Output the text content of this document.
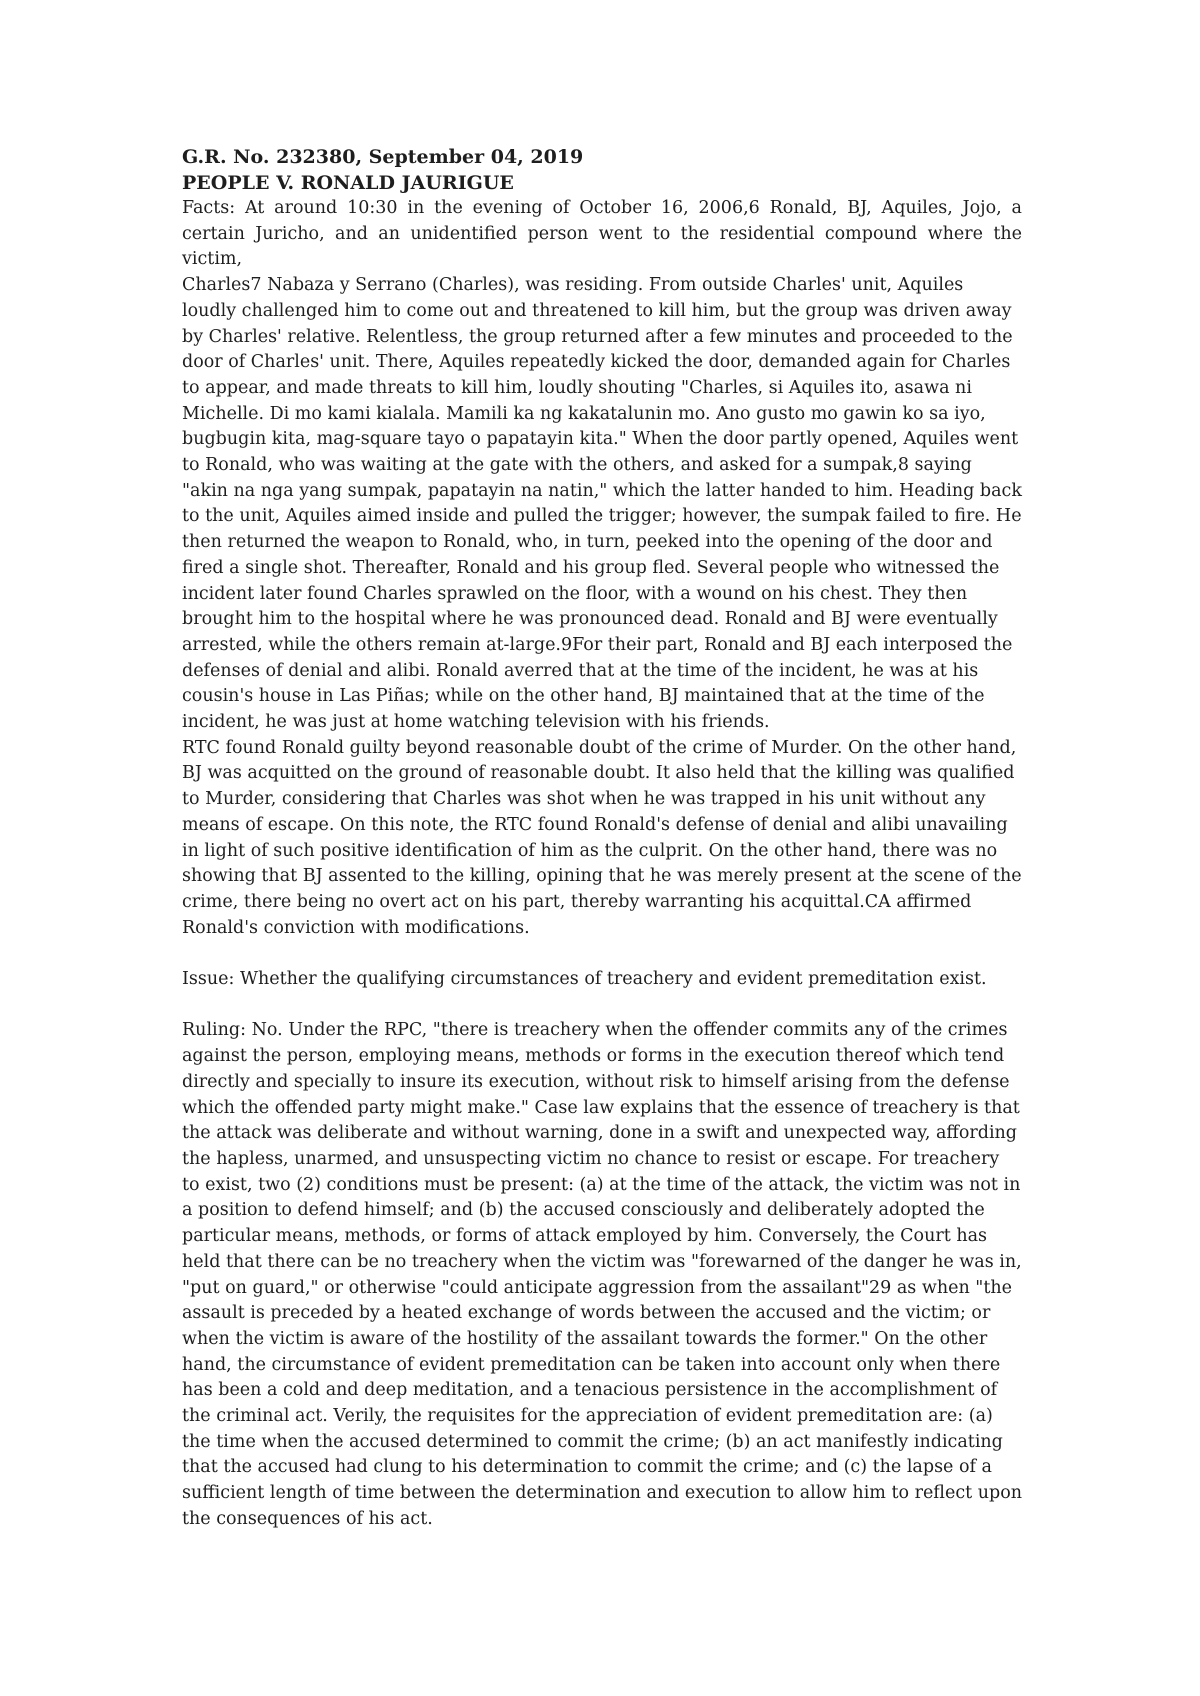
G.R. No. 232380, September 04, 2019

PEOPLE V. RONALD JAURIGUE

Facts: At around 10:30 in the evening of October 16, 2006,6 Ronald, BJ, Aquiles, Jojo, a certain Juricho, and an unidentified person went to the residential compound where the victim,

Charles7 Nabaza y Serrano (Charles), was residing. From outside Charles' unit, Aquiles loudly challenged him to come out and threatened to kill him, but the group was driven away by Charles' relative. Relentless, the group returned after a few minutes and proceeded to the door of Charles' unit. There, Aquiles repeatedly kicked the door, demanded again for Charles to appear, and made threats to kill him, loudly shouting "Charles, si Aquiles ito, asawa ni Michelle. Di mo kami kialala. Mamili ka ng kakatalunin mo. Ano gusto mo gawin ko sa iyo, bugbugin kita, mag-square tayo o papatayin kita." When the door partly opened, Aquiles went to Ronald, who was waiting at the gate with the others, and asked for a sumpak,8 saying "akin na nga yang sumpak, papatayin na natin," which the latter handed to him. Heading back to the unit, Aquiles aimed inside and pulled the trigger; however, the sumpak failed to fire. He then returned the weapon to Ronald, who, in turn, peeked into the opening of the door and fired a single shot. Thereafter, Ronald and his group fled. Several people who witnessed the incident later found Charles sprawled on the floor, with a wound on his chest. They then brought him to the hospital where he was pronounced dead. Ronald and BJ were eventually arrested, while the others remain at-large.9For their part, Ronald and BJ each interposed the defenses of denial and alibi. Ronald averred that at the time of the incident, he was at his cousin's house in Las Piñas; while on the other hand, BJ maintained that at the time of the incident, he was just at home watching television with his friends.

RTC found Ronald guilty beyond reasonable doubt of the crime of Murder. On the other hand,

BJ was acquitted on the ground of reasonable doubt. It also held that the killing was qualified to Murder, considering that Charles was shot when he was trapped in his unit without any means of escape. On this note, the RTC found Ronald's defense of denial and alibi unavailing in light of such positive identification of him as the culprit. On the other hand, there was no showing that BJ assented to the killing, opining that he was merely present at the scene of the crime, there being no overt act on his part, thereby warranting his acquittal.CA affirmed Ronald's conviction with modifications.

Issue: Whether the qualifying circumstances of treachery and evident premeditation exist.

Ruling: No. Under the RPC, "there is treachery when the offender commits any of the crimes against the person, employing means, methods or forms in the execution thereof which tend directly and specially to insure its execution, without risk to himself arising from the defense which the offended party might make." Case law explains that the essence of treachery is that the attack was deliberate and without warning, done in a swift and unexpected way, affording the hapless, unarmed, and unsuspecting victim no chance to resist or escape. For treachery to exist, two (2) conditions must be present: (a) at the time of the attack, the victim was not in a position to defend himself; and (b) the accused consciously and deliberately adopted the particular means, methods, or forms of attack employed by him. Conversely, the Court has held that there can be no treachery when the victim was "forewarned of the danger he was in, "put on guard," or otherwise "could anticipate aggression from the assailant"29 as when "the assault is preceded by a heated exchange of words between the accused and the victim; or when the victim is aware of the hostility of the assailant towards the former." On the other hand, the circumstance of evident premeditation can be taken into account only when there has been a cold and deep meditation, and a tenacious persistence in the accomplishment of the criminal act. Verily, the requisites for the appreciation of evident premeditation are: (a) the time when the accused determined to commit the crime; (b) an act manifestly indicating that the accused had clung to his determination to commit the crime; and (c) the lapse of a sufficient length of time between the determination and execution to allow him to reflect upon the consequences of his act.
